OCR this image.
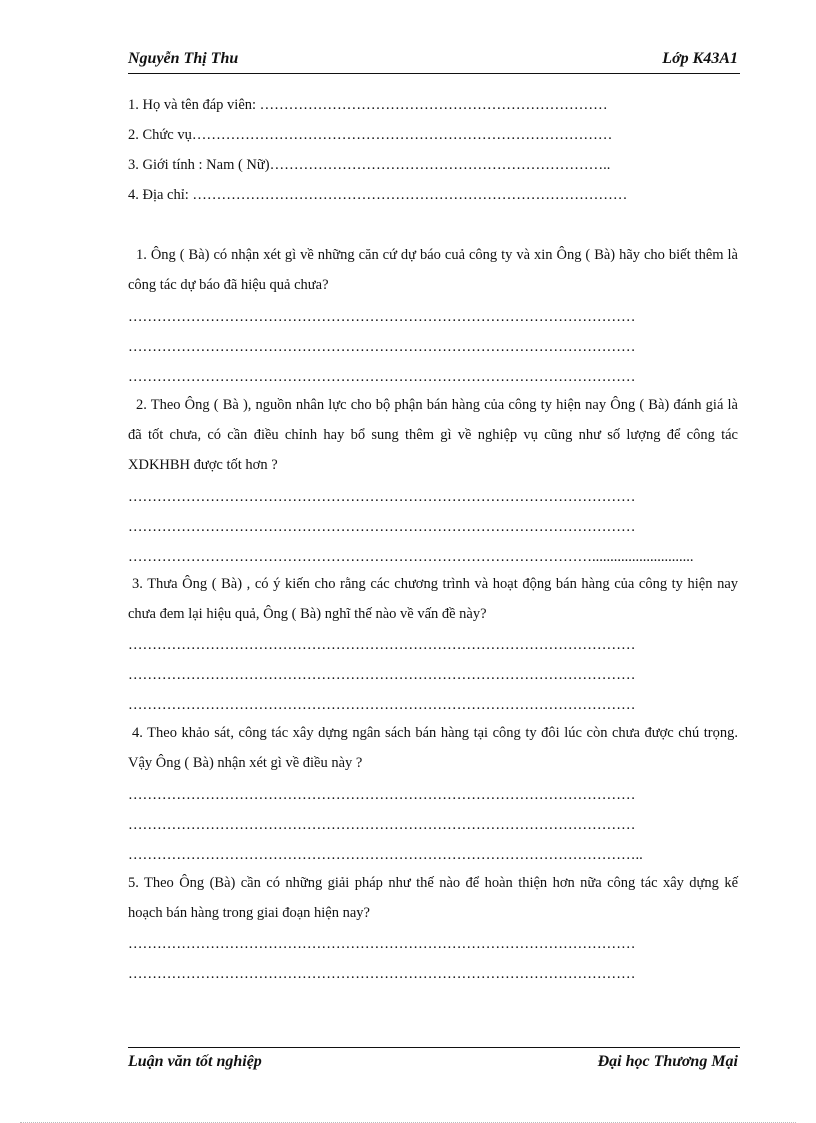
Nguyễn Thị Thu	Lớp K43A1
1. Họ và tên đáp viên: ………………………………………………………………
2. Chức vụ……………………………………………………………………………
3. Giới tính : Nam ( Nữ)……………………………………………………………..
4. Địa chỉ: ………………………………………………………………………………
1. Ông ( Bà) có nhận xét gì về những căn cứ dự báo cuả công ty và xin Ông ( Bà) hãy cho biết thêm là công tác dự báo đã hiệu quả chưa?
……………………………………………………………………………………………
……………………………………………………………………………………………
……………………………………………………………………………………………
2. Theo Ông ( Bà ), nguồn nhân lực cho bộ phận bán hàng của công ty hiện nay Ông ( Bà) đánh giá là đã tốt chưa, có cần điều chỉnh hay bổ sung thêm gì về nghiệp vụ cũng như số lượng để công tác XDKHBH được tốt hơn ?
……………………………………………………………………………………………
……………………………………………………………………………………………
……………………………………………………………………………………............................
3. Thưa Ông ( Bà) , có ý kiến cho rằng các chương trình và hoạt động bán hàng của công ty hiện nay chưa đem lại hiệu quả, Ông ( Bà) nghĩ thế nào về vấn đề này?
……………………………………………………………………………………………
……………………………………………………………………………………………
……………………………………………………………………………………………
4. Theo khảo sát, công tác xây dựng ngân sách bán hàng tại công ty đôi lúc còn chưa được chú trọng. Vậy Ông ( Bà) nhận xét gì về điều này ?
……………………………………………………………………………………………
……………………………………………………………………………………………
……………………………………………………………………………………………..
5. Theo Ông (Bà) cần có những giải pháp như thế nào để hoàn thiện hơn nữa công tác xây dựng kế hoạch bán hàng trong giai đoạn hiện nay?
……………………………………………………………………………………………
……………………………………………………………………………………………
Luận văn tốt nghiệp	Đại học Thương Mại
